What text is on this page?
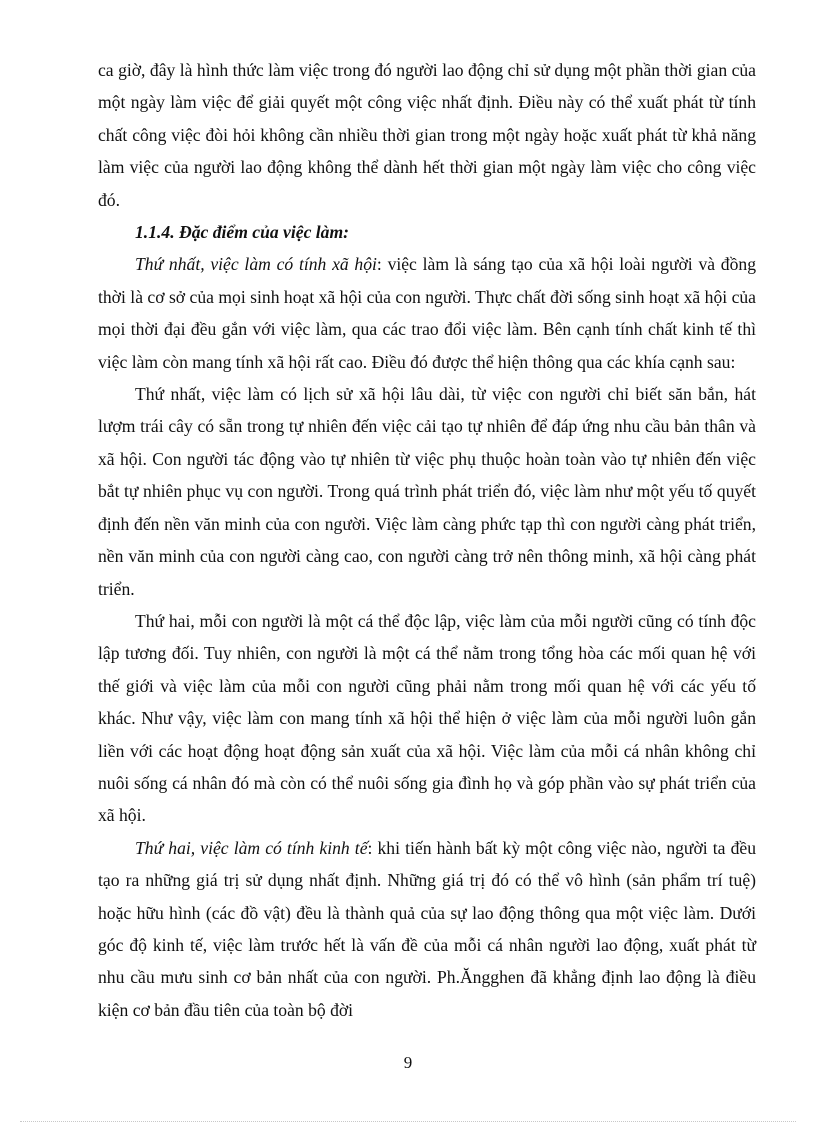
ca giờ, đây là hình thức làm việc trong đó người lao động chỉ sử dụng một phần thời gian của một ngày làm việc để giải quyết một công việc nhất định. Điều này có thể xuất phát từ tính chất công việc đòi hỏi không cần nhiều thời gian trong một ngày hoặc xuất phát từ khả năng làm việc của người lao động không thể dành hết thời gian một ngày làm việc cho công việc đó.

1.1.4. Đặc điểm của việc làm:

Thứ nhất, việc làm có tính xã hội: việc làm là sáng tạo của xã hội loài người và đồng thời là cơ sở của mọi sinh hoạt xã hội của con người. Thực chất đời sống sinh hoạt xã hội của mọi thời đại đều gắn với việc làm, qua các trao đổi việc làm. Bên cạnh tính chất kinh tế thì việc làm còn mang tính xã hội rất cao. Điều đó được thể hiện thông qua các khía cạnh sau:

Thứ nhất, việc làm có lịch sử xã hội lâu dài, từ việc con người chỉ biết săn bắn, hát lượm trái cây có sẵn trong tự nhiên đến việc cải tạo tự nhiên để đáp ứng nhu cầu bản thân và xã hội. Con người tác động vào tự nhiên từ việc phụ thuộc hoàn toàn vào tự nhiên đến việc bắt tự nhiên phục vụ con người. Trong quá trình phát triển đó, việc làm như một yếu tố quyết định đến nền văn minh của con người. Việc làm càng phức tạp thì con người càng phát triển, nền văn minh của con người càng cao, con người càng trở nên thông minh, xã hội càng phát triển.

Thứ hai, mỗi con người là một cá thể độc lập, việc làm của mỗi người cũng có tính độc lập tương đối. Tuy nhiên, con người là một cá thể nằm trong tổng hòa các mối quan hệ với thế giới và việc làm của mỗi con người cũng phải nằm trong mối quan hệ với các yếu tố khác. Như vậy, việc làm con mang tính xã hội thể hiện ở việc làm của mỗi người luôn gắn liền với các hoạt động hoạt động sản xuất của xã hội. Việc làm của mỗi cá nhân không chỉ nuôi sống cá nhân đó mà còn có thể nuôi sống gia đình họ và góp phần vào sự phát triển của xã hội.

Thứ hai, việc làm có tính kinh tế: khi tiến hành bất kỳ một công việc nào, người ta đều tạo ra những giá trị sử dụng nhất định. Những giá trị đó có thể vô hình (sản phẩm trí tuệ) hoặc hữu hình (các đồ vật) đều là thành quả của sự lao động thông qua một việc làm. Dưới góc độ kinh tế, việc làm trước hết là vấn đề của mỗi cá nhân người lao động, xuất phát từ nhu cầu mưu sinh cơ bản nhất của con người. Ph.Ăngghen đã khẳng định lao động là điều kiện cơ bản đầu tiên của toàn bộ đời

9
